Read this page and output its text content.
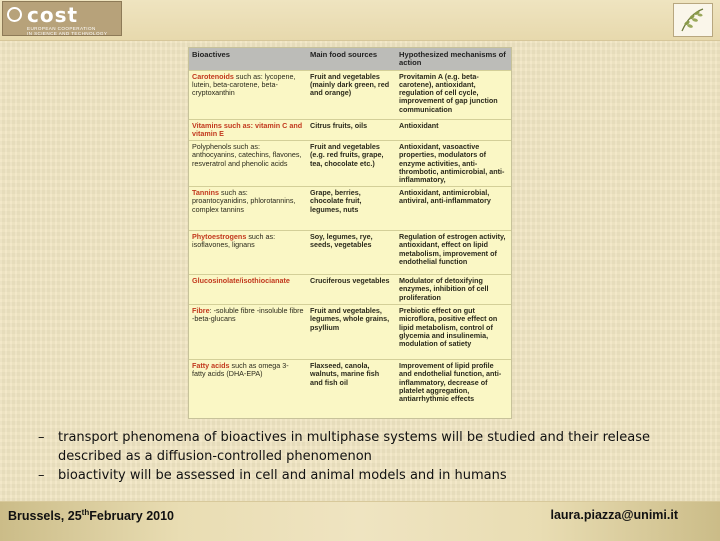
cost
EUROPEAN COOPERATION
IN SCIENCE AND TECHNOLOGY
Bioactives	Main food sources	Hypothesized mechanisms of action
Carotenoids such as: lycopene, lutein, beta-carotene, beta-cryptoxanthin	Fruit and vegetables (mainly dark green, red and orange)	Provitamin A (e.g. beta-carotene), antioxidant, regulation of cell cycle, improvement of gap junction communication
Vitamins such as: vitamin C and vitamin E	Citrus fruits, oils	Antioxidant
Polyphenols such as: anthocyanins, catechins, flavones, resveratrol and phenolic acids	Fruit and vegetables (e.g. red fruits, grape, tea, chocolate etc.)	Antioxidant, vasoactive properties, modulators of enzyme activities, anti-thrombotic, antimicrobial, anti-inflammatory,
Tannins such as: proantocyanidins, phlorotannins, complex tannins	Grape, berries, chocolate fruit, legumes, nuts	Antioxidant, antimicrobial, antiviral, anti-inflammatory
Phytoestrogens such as: isoflavones, lignans	Soy, legumes, rye, seeds, vegetables	Regulation of estrogen activity, antioxidant, effect on lipid metabolism, improvement of endothelial function
Glucosinolate/isothiocianate	Cruciferous vegetables	Modulator of detoxifying enzymes, inhibition of cell proliferation
Fibre: -soluble fibre -insoluble fibre -beta-glucans	Fruit and vegetables, legumes, whole grains, psyllium	Prebiotic effect on gut microflora, positive effect on lipid metabolism, control of glycemia and insulinemia, modulation of satiety
Fatty acids such as omega 3- fatty acids (DHA-EPA)	Flaxseed, canola, walnuts, marine fish and fish oil	Improvement of lipid profile and endothelial function, anti-inflammatory, decrease of platelet aggregation, antiarrhythmic effects
– transport phenomena of bioactives in multiphase systems will be studied and their release described as a diffusion-controlled phenomenon
– bioactivity will be assessed in cell and animal models and in humans
Brussels, 25thFebruary 2010	laura.piazza@unimi.it
